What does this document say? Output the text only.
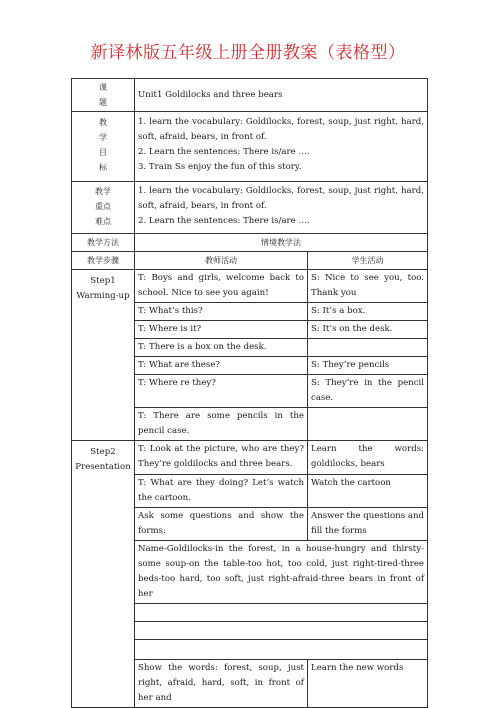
新译林版五年级上册全册教案（表格型）
课
题	Unit1 Goldilocks and three bears	

教
学
目
标	1. learn the vocabulary: Goldilocks, forest, soup, just right, hard, soft, afraid, bears, in front of.
2. Learn the sentences: There is/are ….
3. Train Ss enjoy the fun of this story.	

教学
重点
难点	1. learn the vocabulary: Goldilocks, forest, soup, just right, hard, soft, afraid, bears, in front of.
2. Learn the sentences: There is/are ….	

教学方法	情境教学法	
教学步骤	教师活动	学生活动

Step1
Warming-up	T: Boys and girls, welcome back to school. Nice to see you again!	S: Nice to see you, too. Thank you
	T: What’s this?	S: It’s a box.
	T: Where is it?	S: It’s on the desk.
	T: There is a box on the desk.	
	T: What are these?	S: They’re pencils
	T: Where re they?	S: They’re in the pencil case.
	T: There are some pencils in the pencil case.	

Step2
Presentation	T: Look at the picture, who are they? They’re goldilocks and three bears.	Learn the words: goldilocks, bears
	T: What are they doing? Let’s watch the cartoon.	Watch the cartoon
	Ask some questions and show the forms:	Answer the questions and fill the forms
	Name-Goldilocks-in the forest, in a house-hungry and thirsty-some soup-on the table-too hot, too cold, just right-tired-three beds-too hard, too soft, just right-afraid-three bears in front of her	

	Show the words: forest, soup, just right, afraid, hard, soft, in front of her and	Learn the new words
